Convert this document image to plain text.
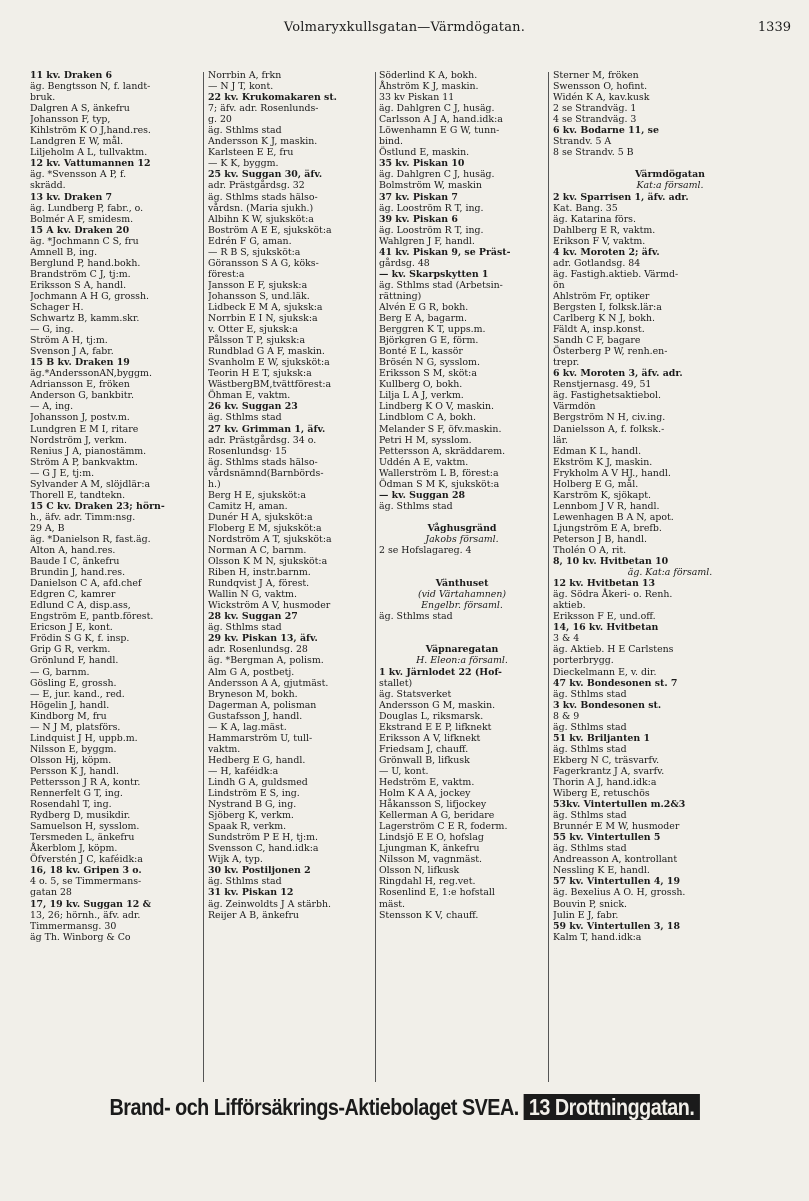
Volmaryxkullsgatan—Värmdögatan.	1339
11 kv. Draken 6
äg. Bengtsson N, f. landt-
bruk.
Dalgren A S, änkefru
Johansson F, typ,
Kihlström K O J,hand.res.
Landgren E W, mål.
Liljeholm A L, tullvaktm.
12 kv. Vattumannen 12
äg. *Svensson A P, f.
skrädd.
13 kv. Draken 7
äg. Lundberg P, fabr., o.
Bolmér A F, smidesm.
15 A kv. Draken 20
äg. *Jochmann C S, fru
Amnell B, ing.
Berglund P, hand.bokh.
Brandström C J, tj:m.
Eriksson S A, handl.
Jochmann A H G, grossh.
Schager H.
Schwartz B, kamm.skr.
— G, ing.
Ström A H, tj:m.
Svenson J A, fabr.
15 B kv. Draken 19
äg.*AnderssonAN,byggm.
Adriansson E, fröken
Anderson G, bankbitr.
— A, ing.
Johansson J, postv.m.
Lundgren E M I, ritare
Nordström J, verkm.
Renius J A, pianostämm.
Ström A P, bankvaktm.
— G J E, tj:m.
Sylvander A M, slöjdlär:a
Thorell E, tandtekn.
15 C kv. Draken 23; hörn-
h., äfv. adr. Timm:nsg.
29 A, B
äg. *Danielson R, fast.äg.
Alton A, hand.res.
Baude I C, änkefru
Brundin J, hand.res.
Danielson C A, afd.chef
Edgren C, kamrer
Edlund C A, disp.ass,
Engström E, pantb.förest.
Ericson J E, kont.
Frödin S G K, f. insp.
Grip G R, verkm.
Grönlund F, handl.
— G, barnm.
Gösling E, grossh.
— E, jur. kand., red.
Högelin J, handl.
Kindborg M, fru
— N J M, platsförs.
Lindquist J H, uppb.m.
Nilsson E, byggm.
Olsson Hj, köpm.
Persson K J, handl.
Pettersson J R A, kontr.
Rennerfelt G T, ing.
Rosendahl T, ing.
Rydberg D, musikdir.
Samuelson H, sysslom.
Tersmeden L, änkefru
Åkerblom J, köpm.
Öfverstén J C, kaféidk:a
16, 18 kv. Gripen 3 o.
4 o. 5, se Timmermans-
gatan 28
17, 19 kv. Suggan 12 &
13, 26; hörnh., äfv. adr.
Timmermansg. 30
äg Th. Winborg & Co
Norrbin A, frkn
— N J T, kont.
22 kv. Krukomakaren st.
7; äfv. adr. Rosenlunds-
g. 20
äg. Sthlms stad
Andersson K J, maskin.
Karlsteen E E, fru
— K K, byggm.
25 kv. Suggan 30, äfv.
adr. Prästgårdsg. 32
äg. Sthlms stads hälso-
vårdsn. (Maria sjukh.)
Albihn K W, sjuksköt:a
Boström A E E, sjuksköt:a
Edrén F G, aman.
— R B S, sjuksköt:a
Göransson S A G, köks-
förest:a
Jansson E F, sjuksk:a
Johansson S, und.läk.
Lidbeck E M A, sjuksk:a
Norrbin E I N, sjuksk:a
v. Otter E, sjuksk:a
Pålsson T P, sjuksk:a
Rundblad G A F, maskin.
Svanholm E W, sjuksköt:a
Teorin H E T, sjuksk:a
WästbergBM,tvättförest:a
Öhman E, vaktm.
26 kv. Suggan 23
äg. Sthlms stad
27 kv. Grimman 1, äfv.
adr. Prästgårdsg. 34 o.
Rosenlundsg· 15
äg. Sthlms stads hälso-
vårdsnämnd(Barnbörds-
h.)
Berg H E, sjuksköt:a
Camitz H, aman.
Dunér H A, sjuksköt:a
Floberg E M, sjuksköt:a
Nordström A T, sjuksköt:a
Norman A C, barnm.
Olsson K M N, sjuksköt:a
Riben H, instr.barnm.
Rundqvist J A, förest.
Wallin N G, vaktm.
Wickström A V, husmoder
28 kv. Suggan 27
äg. Sthlms stad
29 kv. Piskan 13, äfv.
adr. Rosenlundsg. 28
äg. *Bergman A, polism.
Alm G A, postbetj.
Andersson A A, gjutmäst.
Bryneson M, bokh.
Dagerman A, polisman
Gustafsson J, handl.
— K A, lag.mäst.
Hammarström U, tull-
vaktm.
Hedberg E G, handl.
— H, kaféidk:a
Lindh G A, guldsmed
Lindström E S, ing.
Nystrand B G, ing.
Sjöberg K, verkm.
Spaak R, verkm.
Sundström P E H, tj:m.
Svensson C, hand.idk:a
Wijk A, typ.
30 kv. Postiljonen 2
äg. Sthlms stad
31 kv. Piskan 12
äg. Zeinwoldts J A stärbh.
Reijer A B, änkefru
Söderlind K A, bokh.
Åhström K J, maskin.
33 kv Piskan 11
äg. Dahlgren C J, husäg.
Carlsson A J A, hand.idk:a
Löwenhamn E G W, tunn-
bind.
Östlund E, maskin.
35 kv. Piskan 10
äg. Dahlgren C J, husäg.
Bolmström W, maskin
37 kv. Piskan 7
äg. Looström R T, ing.
39 kv. Piskan 6
äg. Looström R T, ing.
Wahlgren J F, handl.
41 kv. Piskan 9, se Präst-
gårdsg. 48
— kv. Skarpskytten 1
äg. Sthlms stad (Arbetsin-
rättning)
Alvén E G R, bokh.
Berg E A, bagarm.
Berggren K T, upps.m.
Björkgren G E, förm.
Bonté E L, kassör
Brösén N G, sysslom.
Eriksson S M, sköt:a
Kullberg O, bokh.
Lilja L A J, verkm.
Lindberg K O V, maskin.
Lindblom C A, bokh.
Melander S F, öfv.maskin.
Petri H M, sysslom.
Pettersson A, skräddarem.
Uddén A E, vaktm.
Wallerström L B, förest:a
Ödman S M K, sjuksköt:a
— kv. Suggan 28
äg. Sthlms stad

Våghusgränd
Jakobs församl.
2 se Hofslagareg. 4

Vänthuset
(vid Värtahamnen)
Engelbr. församl.
äg. Sthlms stad

Väpnaregatan
H. Eleon:a församl.
1 kv. Järnlodet 22 (Hof-
stallet)
äg. Statsverket
Andersson G M, maskin.
Douglas L, riksmarsk.
Ekstrand E E P, lifknekt
Eriksson A V, lifknekt
Friedsam J, chauff.
Grönwall B, lifkusk
— U, kont.
Hedström E, vaktm.
Holm K A A, jockey
Håkansson S, lifjockey
Kellerman A G, beridare
Lagerström C E R, foderm.
Lindsjö E E O, hofslag
Ljungman K, änkefru
Nilsson M, vagnmäst.
Olsson N, lifkusk
Ringdahl H, reg.vet.
Rosenlind E, 1:e hofstall
mäst.
Stensson K V, chauff.
Sterner M, fröken
Swensson O, hofint.
Widén K A, kav.kusk
2 se Strandväg. 1
4 se Strandväg. 3
6 kv. Bodarne 11, se
Strandv. 5 A
8 se Strandv. 5 B

Värmdögatan
Kat:a församl.
2 kv. Sparrisen 1, äfv. adr.
Kat. Bang. 35
äg. Katarina förs.
Dahlberg E R, vaktm.
Erikson F V, vaktm.
4 kv. Moroten 2; äfv.
adr. Gotlandsg. 84
äg. Fastigh.aktieb. Värmd-
ön
Ahlström Fr, optiker
Bergsten I, folksk.lär:a
Carlberg K N J, bokh.
Fäldt A, insp.konst.
Sandh C F, bagare
Österberg P W, renh.en-
trepr.
6 kv. Moroten 3, äfv. adr.
Renstjernasg. 49, 51
äg. Fastighetsaktiebol.
Värmdön
Bergström N H, civ.ing.
Danielsson A, f. folksk.-
lär.
Edman K L, handl.
Ekström K J, maskin.
Frykholm A V HJ., handl.
Holberg E G, mål.
Karström K, sjökapt.
Lennbom J V R, handl.
Lewenhagen B A N, apot.
Ljungström E A, brefb.
Peterson J B, handl.
Tholén O A, rit.
8, 10 kv. Hvitbetan 10
äg. Kat:a församl.
12 kv. Hvitbetan 13
äg. Södra Åkeri- o. Renh.
aktieb.
Eriksson F E, und.off.
14, 16 kv. Hvitbetan
3 & 4
äg. Aktieb. H E Carlstens
porterbrygg.
Dieckelmann E, v. dir.
47 kv. Bondesonen st. 7
äg. Sthlms stad
3 kv. Bondesonen st.
8 & 9
äg. Sthlms stad
51 kv. Briljanten 1
äg. Sthlms stad
Ekberg N C, träsvarfv.
Fagerkrantz J A, svarfv.
Thorin A J, hand.idk:a
Wiberg E, retuschös
53kv. Vintertullen m.2&3
äg. Sthlms stad
Brunnér E M W, husmoder
55 kv. Vintertullen 5
äg. Sthlms stad
Andreasson A, kontrollant
Nessling K E, handl.
57 kv. Vintertullen 4, 19
äg. Bexelius A O. H, grossh.
Bouvin P, snick.
Julin E J, fabr.
59 kv. Vintertullen 3, 18
Kalm T, hand.idk:a
Brand- och Lifförsäkrings-Aktiebolaget SVEA. 13 Drottninggatan.
